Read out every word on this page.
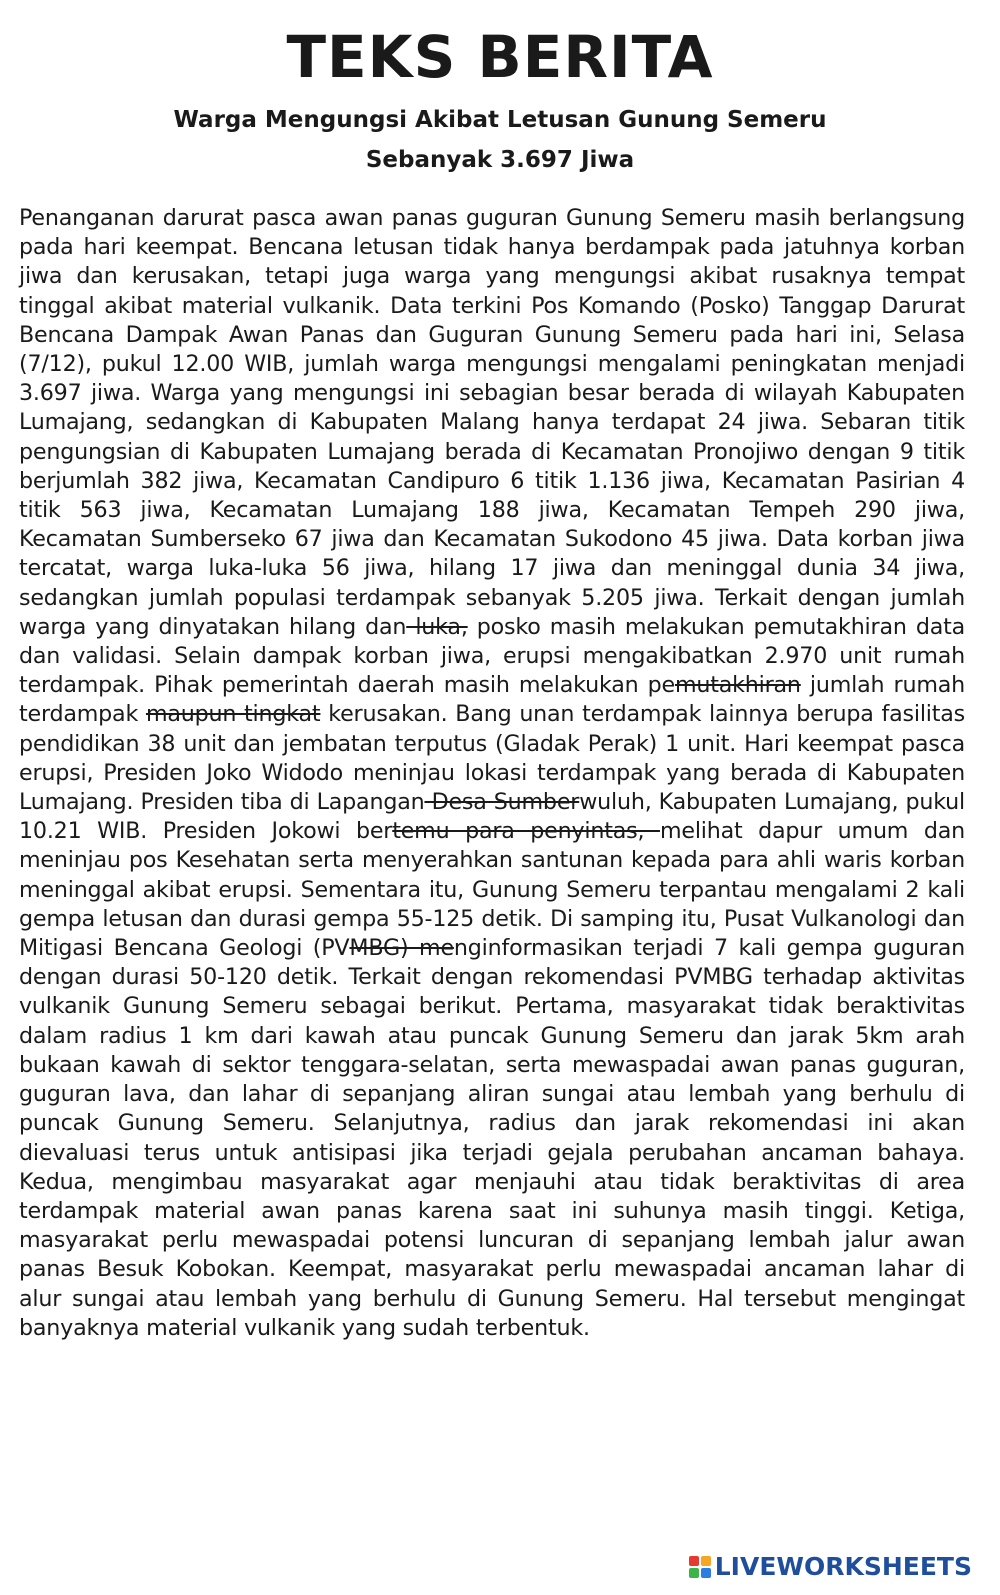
TEKS BERITA
Warga Mengungsi Akibat Letusan Gunung Semeru
Sebanyak 3.697 Jiwa

Penanganan darurat pasca awan panas guguran Gunung Semeru masih berlangsung pada hari keempat. Bencana letusan tidak hanya berdampak pada jatuhnya korban jiwa dan kerusakan, tetapi juga warga yang mengungsi akibat rusaknya tempat tinggal akibat material vulkanik. Data terkini Pos Komando (Posko) Tanggap Darurat Bencana Dampak Awan Panas dan Guguran Gunung Semeru pada hari ini, Selasa (7/12), pukul 12.00 WIB, jumlah warga mengungsi mengalami peningkatan menjadi 3.697 jiwa. Warga yang mengungsi ini sebagian besar berada di wilayah Kabupaten Lumajang, sedangkan di Kabupaten Malang hanya terdapat 24 jiwa. Sebaran titik pengungsian di Kabupaten Lumajang berada di Kecamatan Pronojiwo dengan 9 titik berjumlah 382 jiwa, Kecamatan Candipuro 6 titik 1.136 jiwa, Kecamatan Pasirian 4 titik 563 jiwa, Kecamatan Lumajang 188 jiwa, Kecamatan Tempeh 290 jiwa, Kecamatan Sumberseko 67 jiwa dan Kecamatan Sukodono 45 jiwa. Data korban jiwa tercatat, warga luka-luka 56 jiwa, hilang 17 jiwa dan meninggal dunia 34 jiwa, sedangkan jumlah populasi terdampak sebanyak 5.205 jiwa. Terkait dengan jumlah warga yang dinyatakan hilang dan luka, posko masih melakukan pemutakhiran data dan validasi. Selain dampak korban jiwa, erupsi mengakibatkan 2.970 unit rumah terdampak. Pihak pemerintah daerah masih melakukan pemutakhiran jumlah rumah terdampak maupun tingkat kerusakan. Bang unan terdampak lainnya berupa fasilitas pendidikan 38 unit dan jembatan terputus (Gladak Perak) 1 unit. Hari keempat pasca erupsi, Presiden Joko Widodo meninjau lokasi terdampak yang berada di Kabupaten Lumajang. Presiden tiba di Lapangan Desa Sumberwuluh, Kabupaten Lumajang, pukul 10.21 WIB. Presiden Jokowi bertemu para penyintas, melihat dapur umum dan meninjau pos Kesehatan serta menyerahkan santunan kepada para ahli waris korban meninggal akibat erupsi. Sementara itu, Gunung Semeru terpantau mengalami 2 kali gempa letusan dan durasi gempa 55-125 detik. Di samping itu, Pusat Vulkanologi dan Mitigasi Bencana Geologi (PVMBG) menginformasikan terjadi 7 kali gempa guguran dengan durasi 50-120 detik. Terkait dengan rekomendasi PVMBG terhadap aktivitas vulkanik Gunung Semeru sebagai berikut. Pertama, masyarakat tidak beraktivitas dalam radius 1 km dari kawah atau puncak Gunung Semeru dan jarak 5km arah bukaan kawah di sektor tenggara-selatan, serta mewaspadai awan panas guguran, guguran lava, dan lahar di sepanjang aliran sungai atau lembah yang berhulu di puncak Gunung Semeru. Selanjutnya, radius dan jarak rekomendasi ini akan dievaluasi terus untuk antisipasi jika terjadi gejala perubahan ancaman bahaya. Kedua, mengimbau masyarakat agar menjauhi atau tidak beraktivitas di area terdampak material awan panas karena saat ini suhunya masih tinggi. Ketiga, masyarakat perlu mewaspadai potensi luncuran di sepanjang lembah jalur awan panas Besuk Kobokan. Keempat, masyarakat perlu mewaspadai ancaman lahar di alur sungai atau lembah yang berhulu di Gunung Semeru. Hal tersebut mengingat banyaknya material vulkanik yang sudah terbentuk.

LIVEWORKSHEETS
